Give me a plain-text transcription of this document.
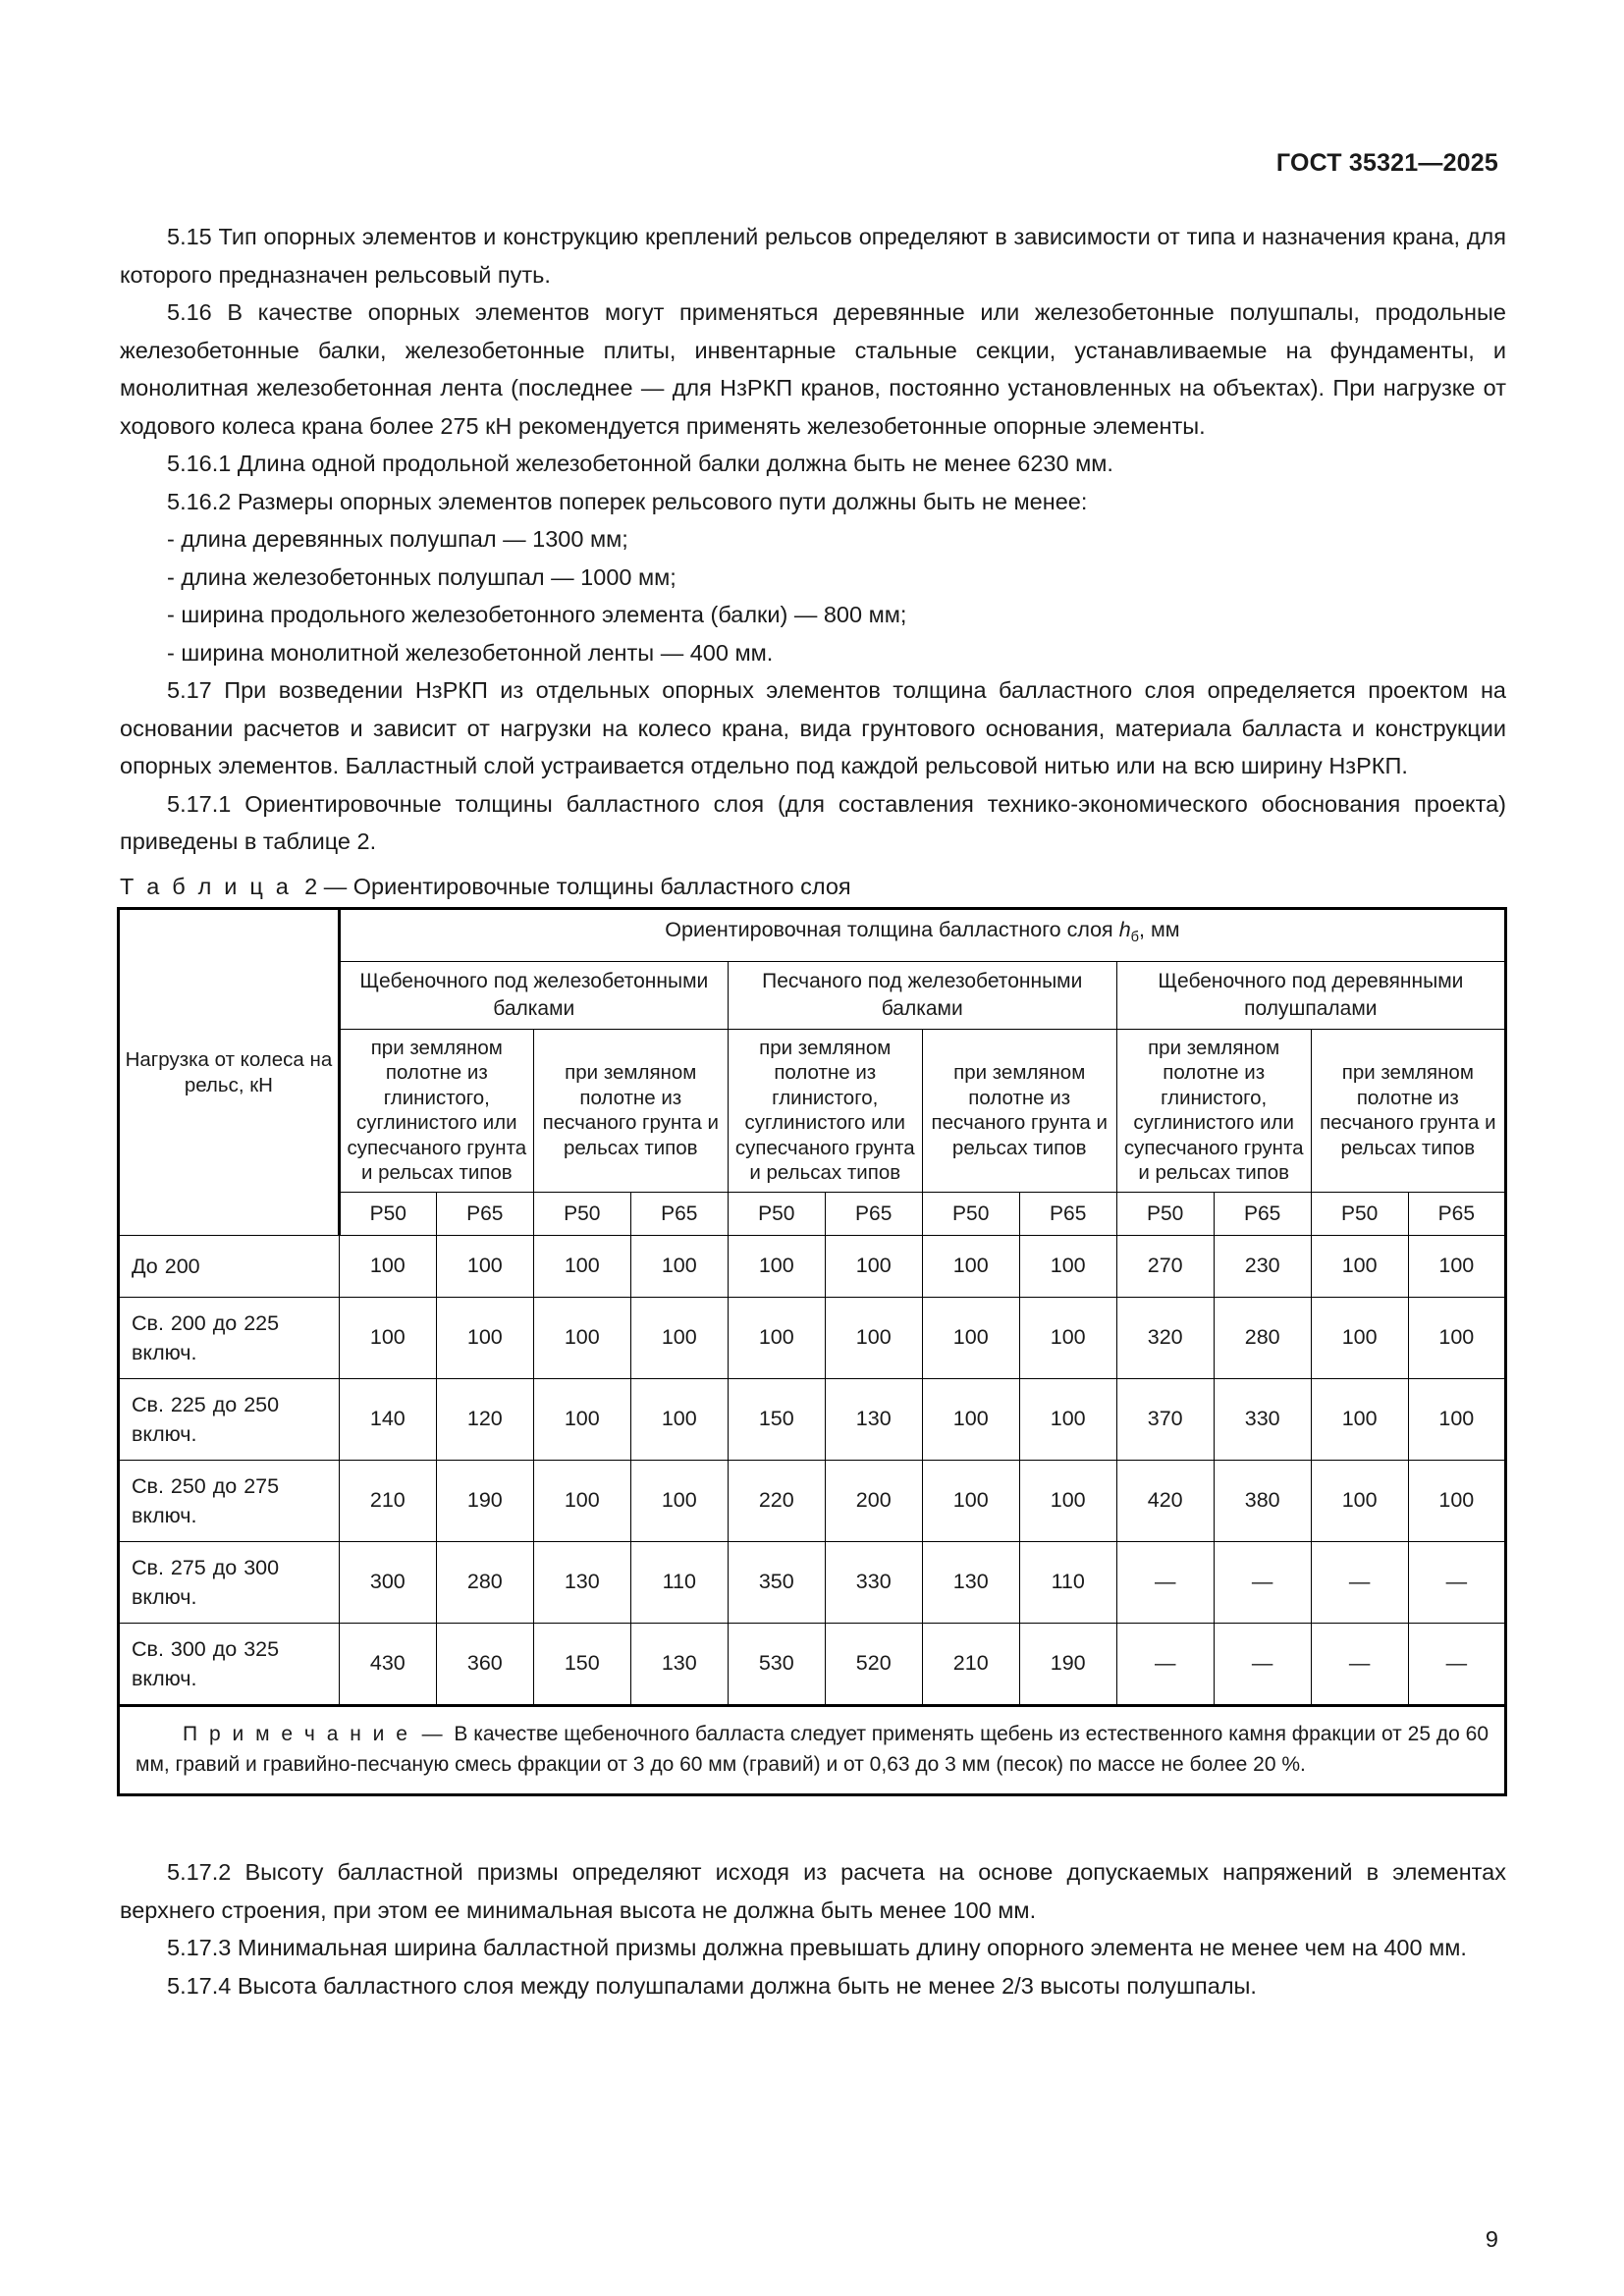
ГОСТ 35321—2025

5.15 Тип опорных элементов и конструкцию креплений рельсов определяют в зависимости от типа и назначения крана, для которого предназначен рельсовый путь.

5.16 В качестве опорных элементов могут применяться деревянные или железобетонные полушпалы, продольные железобетонные балки, железобетонные плиты, инвентарные стальные секции, устанавливаемые на фундаменты, и монолитная железобетонная лента (последнее — для НзРКП кранов, постоянно установленных на объектах). При нагрузке от ходового колеса крана более 275 кН рекомендуется применять железобетонные опорные элементы.

5.16.1 Длина одной продольной железобетонной балки должна быть не менее 6230 мм.

5.16.2 Размеры опорных элементов поперек рельсового пути должны быть не менее:

- длина деревянных полушпал — 1300 мм;

- длина железобетонных полушпал — 1000 мм;

- ширина продольного железобетонного элемента (балки) — 800 мм;

- ширина монолитной железобетонной ленты — 400 мм.

5.17 При возведении НзРКП из отдельных опорных элементов толщина балластного слоя определяется проектом на основании расчетов и зависит от нагрузки на колесо крана, вида грунтового основания, материала балласта и конструкции опорных элементов. Балластный слой устраивается отдельно под каждой рельсовой нитью или на всю ширину НзРКП.

5.17.1 Ориентировочные толщины балластного слоя (для составления технико-экономического обоснования проекта) приведены в таблице 2.

Т а б л и ц а 2 — Ориентировочные толщины балластного слоя
Нагрузка от колеса на рельс, кН	Ориентировочная толщина балластного слоя $h_б$, мм											
	Щебеночного под железобетонными балками				Песчаного под железобетонными балками				Щебеночного под деревянными полушпалами			
	при земляном полотне из глинистого, суглинистого или супесчаного грунта и рельсах типов		при земляном полотне из песчаного грунта и рельсах типов		при земляном полотне из глинистого, суглинистого или супесчаного грунта и рельсах типов		при земляном полотне из песчаного грунта и рельсах типов		при земляном полотне из глинистого, суглинистого или супесчаного грунта и рельсах типов		при земляном полотне из песчаного грунта и рельсах типов	
	Р50	Р65	Р50	Р65	Р50	Р65	Р50	Р65	Р50	Р65	Р50	Р65
До 200	100	100	100	100	100	100	100	100	270	230	100	100
Св. 200 до 225 включ.	100	100	100	100	100	100	100	100	320	280	100	100
Св. 225 до 250 включ.	140	120	100	100	150	130	100	100	370	330	100	100
Св. 250 до 275 включ.	210	190	100	100	220	200	100	100	420	380	100	100
Св. 275 до 300 включ.	300	280	130	110	350	330	130	110	—	—	—	—
Св. 300 до 325 включ.	430	360	150	130	530	520	210	190	—	—	—	—
П р и м е ч а н и е — В качестве щебеночного балласта следует применять щебень из естественного камня фракции от 25 до 60 мм, гравий и гравийно-песчаную смесь фракции от 3 до 60 мм (гравий) и от 0,63 до 3 мм (песок) по массе не более 20 %.												

5.17.2 Высоту балластной призмы определяют исходя из расчета на основе допускаемых напряжений в элементах верхнего строения, при этом ее минимальная высота не должна быть менее 100 мм.

5.17.3 Минимальная ширина балластной призмы должна превышать длину опорного элемента не менее чем на 400 мм.

5.17.4 Высота балластного слоя между полушпалами должна быть не менее 2/3 высоты полушпалы.

9
